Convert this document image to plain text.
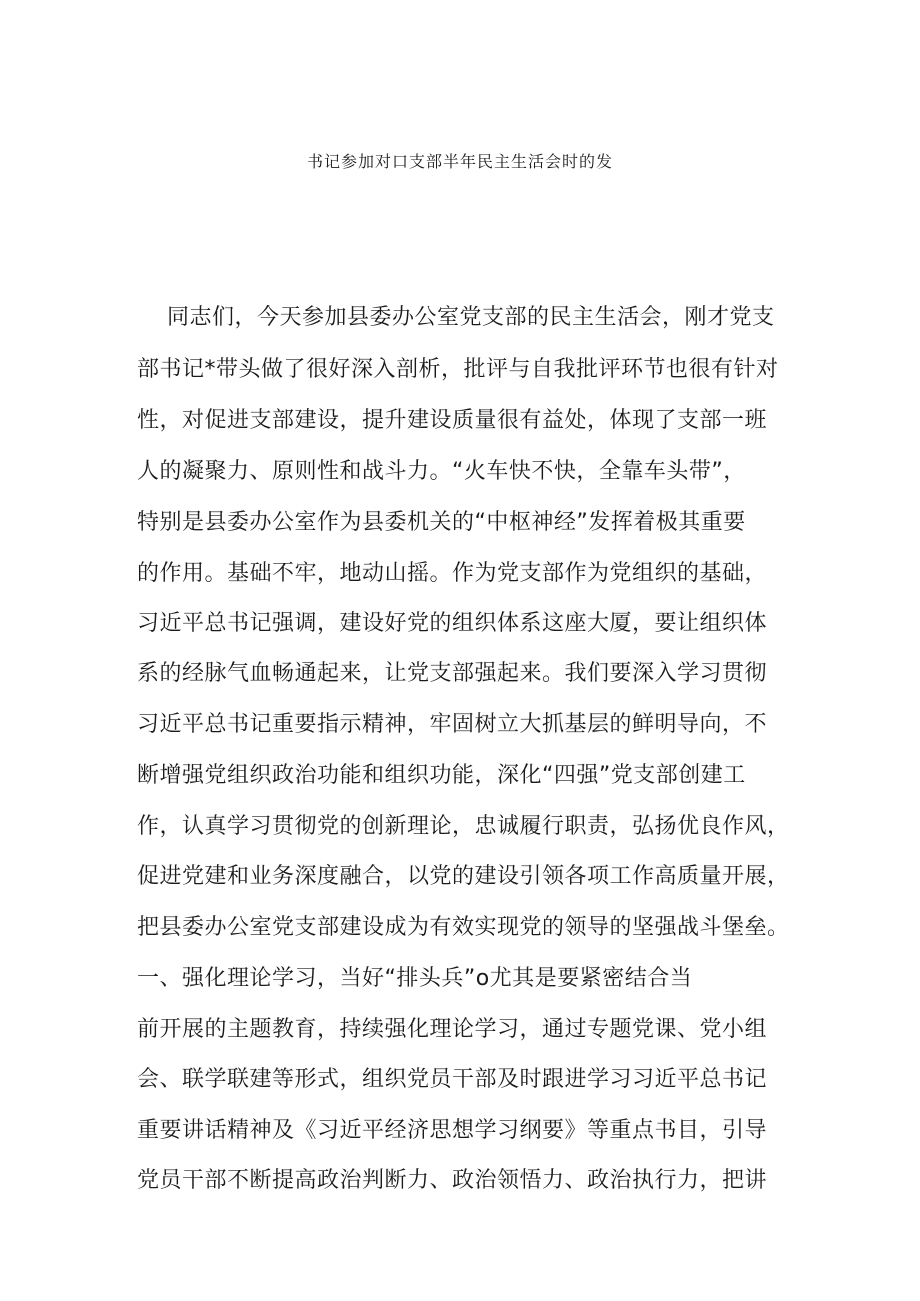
书记参加对口支部半年民主生活会时的发
同志们，今天参加县委办公室党支部的民主生活会，刚才党支
部书记*带头做了很好深入剖析，批评与自我批评环节也很有针对
性，对促进支部建设，提升建设质量很有益处，体现了支部一班
人的凝聚力、原则性和战斗力。“火车快不快，全靠车头带”，
特别是县委办公室作为县委机关的“中枢神经”发挥着极其重要
的作用。基础不牢，地动山摇。作为党支部作为党组织的基础，
习近平总书记强调，建设好党的组织体系这座大厦，要让组织体
系的经脉气血畅通起来，让党支部强起来。我们要深入学习贯彻
习近平总书记重要指示精神，牢固树立大抓基层的鲜明导向，不
断增强党组织政治功能和组织功能，深化“四强”党支部创建工
作，认真学习贯彻党的创新理论，忠诚履行职责，弘扬优良作风，
促进党建和业务深度融合，以党的建设引领各项工作高质量开展，
把县委办公室党支部建设成为有效实现党的领导的坚强战斗堡垒。
一、强化理论学习，当好“排头兵”o尤其是要紧密结合当
前开展的主题教育，持续强化理论学习，通过专题党课、党小组
会、联学联建等形式，组织党员干部及时跟进学习习近平总书记
重要讲话精神及《习近平经济思想学习纲要》等重点书目，引导
党员干部不断提高政治判断力、政治领悟力、政治执行力，把讲
